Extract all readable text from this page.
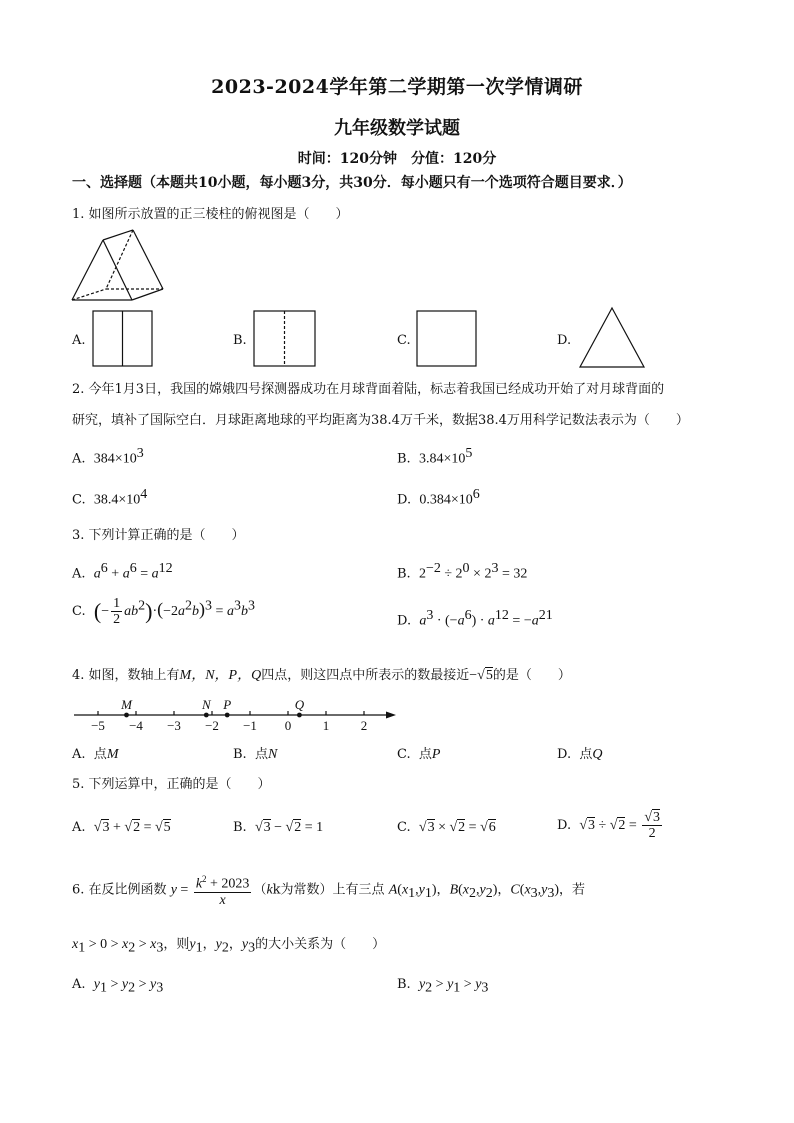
2023-2024学年第二学期第一次学情调研
九年级数学试题
时间：120分钟　分值：120分
一、选择题（本题共10小题，每小题3分，共30分．每小题只有一个选项符合题目要求．）
1. 如图所示放置的正三棱柱的俯视图是（　　）
A.	B.	C.	D.
2. 今年1月3日，我国的嫦娥四号探测器成功在月球背面着陆，标志着我国已经成功开始了对月球背面的
研究，填补了国际空白．月球距离地球的平均距离为38.4万千米，数据38.4万用科学记数法表示为（　　）
A. $384\times 10^3$	B. $3.84\times 10^5$
C. $38.4\times 10^4$	D. $0.384\times 10^6$
3. 下列计算正确的是（　　）
A. $a^6 + a^6 = a^{12}$	B. $2^{-2} \div 2^0 \times 2^3 = 32$
C. (− $\frac{1}{2} ab^2)\cdot(-2a^2b)^3 = a^3b^3$
D. $a^3 \cdot (-a^6) \cdot a^{12} = -a^{21}$
4. 如图，数轴上有M，N，P，Q四点，则这四点中所表示的数最接近−√5的是（　　）
−5 −4 −3 −2 −1 0 1 2
M	N P	Q
A. 点M	B. 点N	C. 点P	D. 点Q
5. 下列运算中，正确的是（　　）
A. √3 + √2 = √5	B. √3 − √2 = 1	C. √3 × √2 = √6	D. $√3 \div √2 = \frac{√3}{2}$
6. 在反比例函数 $y = \frac{k^2 + 2023}{x} (kk$为常数）上有三点 $A(x_1,y_1)$，$B(x_2,y_2)$，$C(x_3,y_3)$，若
$x_1 > 0 > x_2 > x_3$，则$y_1$，$y_2$，$y_3$的大小关系为（　　）
A. $y_1 > y_2 > y_3$	B. $y_2 > y_1 > y_3$
